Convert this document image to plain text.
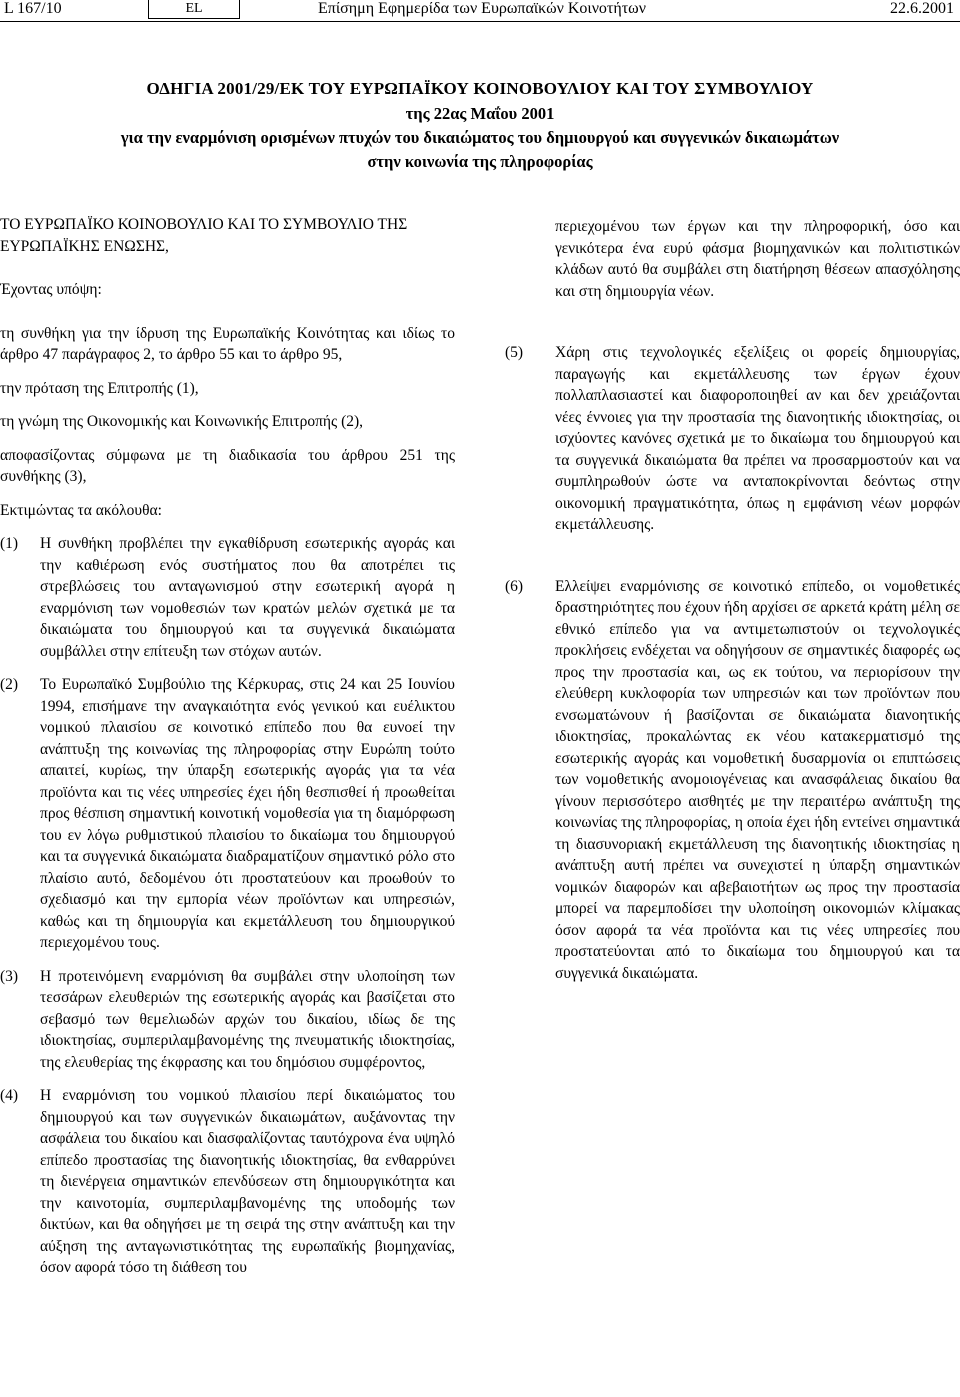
L 167/10	EL	Επίσημη Εφημερίδα των Ευρωπαϊκών Κοινοτήτων	22.6.2001
ΟΔΗΓΙΑ 2001/29/ΕΚ ΤΟΥ ΕΥΡΩΠΑΪΚΟΥ ΚΟΙΝΟΒΟΥΛΙΟΥ ΚΑΙ ΤΟΥ ΣΥΜΒΟΥΛΙΟΥ
της 22ας Μαΐου 2001
για την εναρμόνιση ορισμένων πτυχών του δικαιώματος του δημιουργού και συγγενικών δικαιωμάτων
στην κοινωνία της πληροφορίας

ΤΟ ΕΥΡΩΠΑΪΚΟ ΚΟΙΝΟΒΟΥΛΙΟ ΚΑΙ ΤΟ ΣΥΜΒΟΥΛΙΟ ΤΗΣ ΕΥΡΩΠΑΪΚΗΣ ΕΝΩΣΗΣ,

Έχοντας υπόψη:

τη συνθήκη για την ίδρυση της Ευρωπαϊκής Κοινότητας και ιδίως το άρθρο 47 παράγραφος 2, το άρθρο 55 και το άρθρο 95,

την πρόταση της Επιτροπής (1),

τη γνώμη της Οικονομικής και Κοινωνικής Επιτροπής (2),

αποφασίζοντας σύμφωνα με τη διαδικασία του άρθρου 251 της συνθήκης (3),

Εκτιμώντας τα ακόλουθα:

(1)	Η συνθήκη προβλέπει την εγκαθίδρυση εσωτερικής αγοράς και την καθιέρωση ενός συστήματος που θα αποτρέπει τις στρεβλώσεις του ανταγωνισμού στην εσωτερική αγορά η εναρμόνιση των νομοθεσιών των κρατών μελών σχετικά με τα δικαιώματα του δημιουργού και τα συγγενικά δικαιώματα συμβάλλει στην επίτευξη των στόχων αυτών.
(2)	Το Ευρωπαϊκό Συμβούλιο της Κέρκυρας, στις 24 και 25 Ιουνίου 1994, επισήμανε την αναγκαιότητα ενός γενικού και ευέλικτου νομικού πλαισίου σε κοινοτικό επίπεδο που θα ευνοεί την ανάπτυξη της κοινωνίας της πληροφορίας στην Ευρώπη τούτο απαιτεί, κυρίως, την ύπαρξη εσωτερικής αγοράς για τα νέα προϊόντα και τις νέες υπηρεσίες έχει ήδη θεσπισθεί ή προωθείται προς θέσπιση σημαντική κοινοτική νομοθεσία για τη διαμόρφωση του εν λόγω ρυθμιστικού πλαισίου το δικαίωμα του δημιουργού και τα συγγενικά δικαιώματα διαδραματίζουν σημαντικό ρόλο στο πλαίσιο αυτό, δεδομένου ότι προστατεύουν και προωθούν το σχεδιασμό και την εμπορία νέων προϊόντων και υπηρεσιών, καθώς και τη δημιουργία και εκμετάλλευση του δημιουργικού περιεχομένου τους.
(3)	Η προτεινόμενη εναρμόνιση θα συμβάλει στην υλοποίηση των τεσσάρων ελευθεριών της εσωτερικής αγοράς και βασίζεται στο σεβασμό των θεμελιωδών αρχών του δικαίου, ιδίως δε της ιδιοκτησίας, συμπεριλαμβανομένης της πνευματικής ιδιοκτησίας, της ελευθερίας της έκφρασης και του δημόσιου συμφέροντος,
(4)	Η εναρμόνιση του νομικού πλαισίου περί δικαιώματος του δημιουργού και των συγγενικών δικαιωμάτων, αυξάνοντας την ασφάλεια του δικαίου και διασφαλίζοντας ταυτόχρονα ένα υψηλό επίπεδο προστασίας της διανοητικής ιδιοκτησίας, θα ενθαρρύνει τη διενέργεια σημαντικών επενδύσεων στη δημιουργικότητα και την καινοτομία, συμπεριλαμβανομένης της υποδομής των δικτύων, και θα οδηγήσει με τη σειρά της στην ανάπτυξη και την αύξηση της ανταγωνιστικότητας της ευρωπαϊκής βιομηχανίας, όσον αφορά τόσο τη διάθεση του

περιεχομένου των έργων και την πληροφορική, όσο και γενικότερα ένα ευρύ φάσμα βιομηχανικών και πολιτιστικών κλάδων αυτό θα συμβάλει στη διατήρηση θέσεων απασχόλησης και στη δημιουργία νέων.

(5)	Χάρη στις τεχνολογικές εξελίξεις οι φορείς δημιουργίας, παραγωγής και εκμετάλλευσης των έργων έχουν πολλαπλασιαστεί και διαφοροποιηθεί αν και δεν χρειάζονται νέες έννοιες για την προστασία της διανοητικής ιδιοκτησίας, οι ισχύοντες κανόνες σχετικά με το δικαίωμα του δημιουργού και τα συγγενικά δικαιώματα θα πρέπει να προσαρμοστούν και να συμπληρωθούν ώστε να ανταποκρίνονται δεόντως στην οικονομική πραγματικότητα, όπως η εμφάνιση νέων μορφών εκμετάλλευσης.
(6)	Ελλείψει εναρμόνισης σε κοινοτικό επίπεδο, οι νομοθετικές δραστηριότητες που έχουν ήδη αρχίσει σε αρκετά κράτη μέλη σε εθνικό επίπεδο για να αντιμετωπιστούν οι τεχνολογικές προκλήσεις ενδέχεται να οδηγήσουν σε σημαντικές διαφορές ως προς την προστασία και, ως εκ τούτου, να περιορίσουν την ελεύθερη κυκλοφορία των υπηρεσιών και των προϊόντων που ενσωματώνουν ή βασίζονται σε δικαιώματα διανοητικής ιδιοκτησίας, προκαλώντας εκ νέου κατακερματισμό της εσωτερικής αγοράς και νομοθετική δυσαρμονία οι επιπτώσεις των νομοθετικής ανομοιογένειας και ανασφάλειας δικαίου θα γίνουν περισσότερο αισθητές με την περαιτέρω ανάπτυξη της κοινωνίας της πληροφορίας, η οποία έχει ήδη εντείνει σημαντικά τη διασυνοριακή εκμετάλλευση της διανοητικής ιδιοκτησίας η ανάπτυξη αυτή πρέπει να συνεχιστεί η ύπαρξη σημαντικών νομικών διαφορών και αβεβαιοτήτων ως προς την προστασία μπορεί να παρεμποδίσει την υλοποίηση οικονομιών κλίμακας όσον αφορά τα νέα προϊόντα και τις νέες υπηρεσίες που προστατεύονται από το δικαίωμα του δημιουργού και τα συγγενικά δικαιώματα.
